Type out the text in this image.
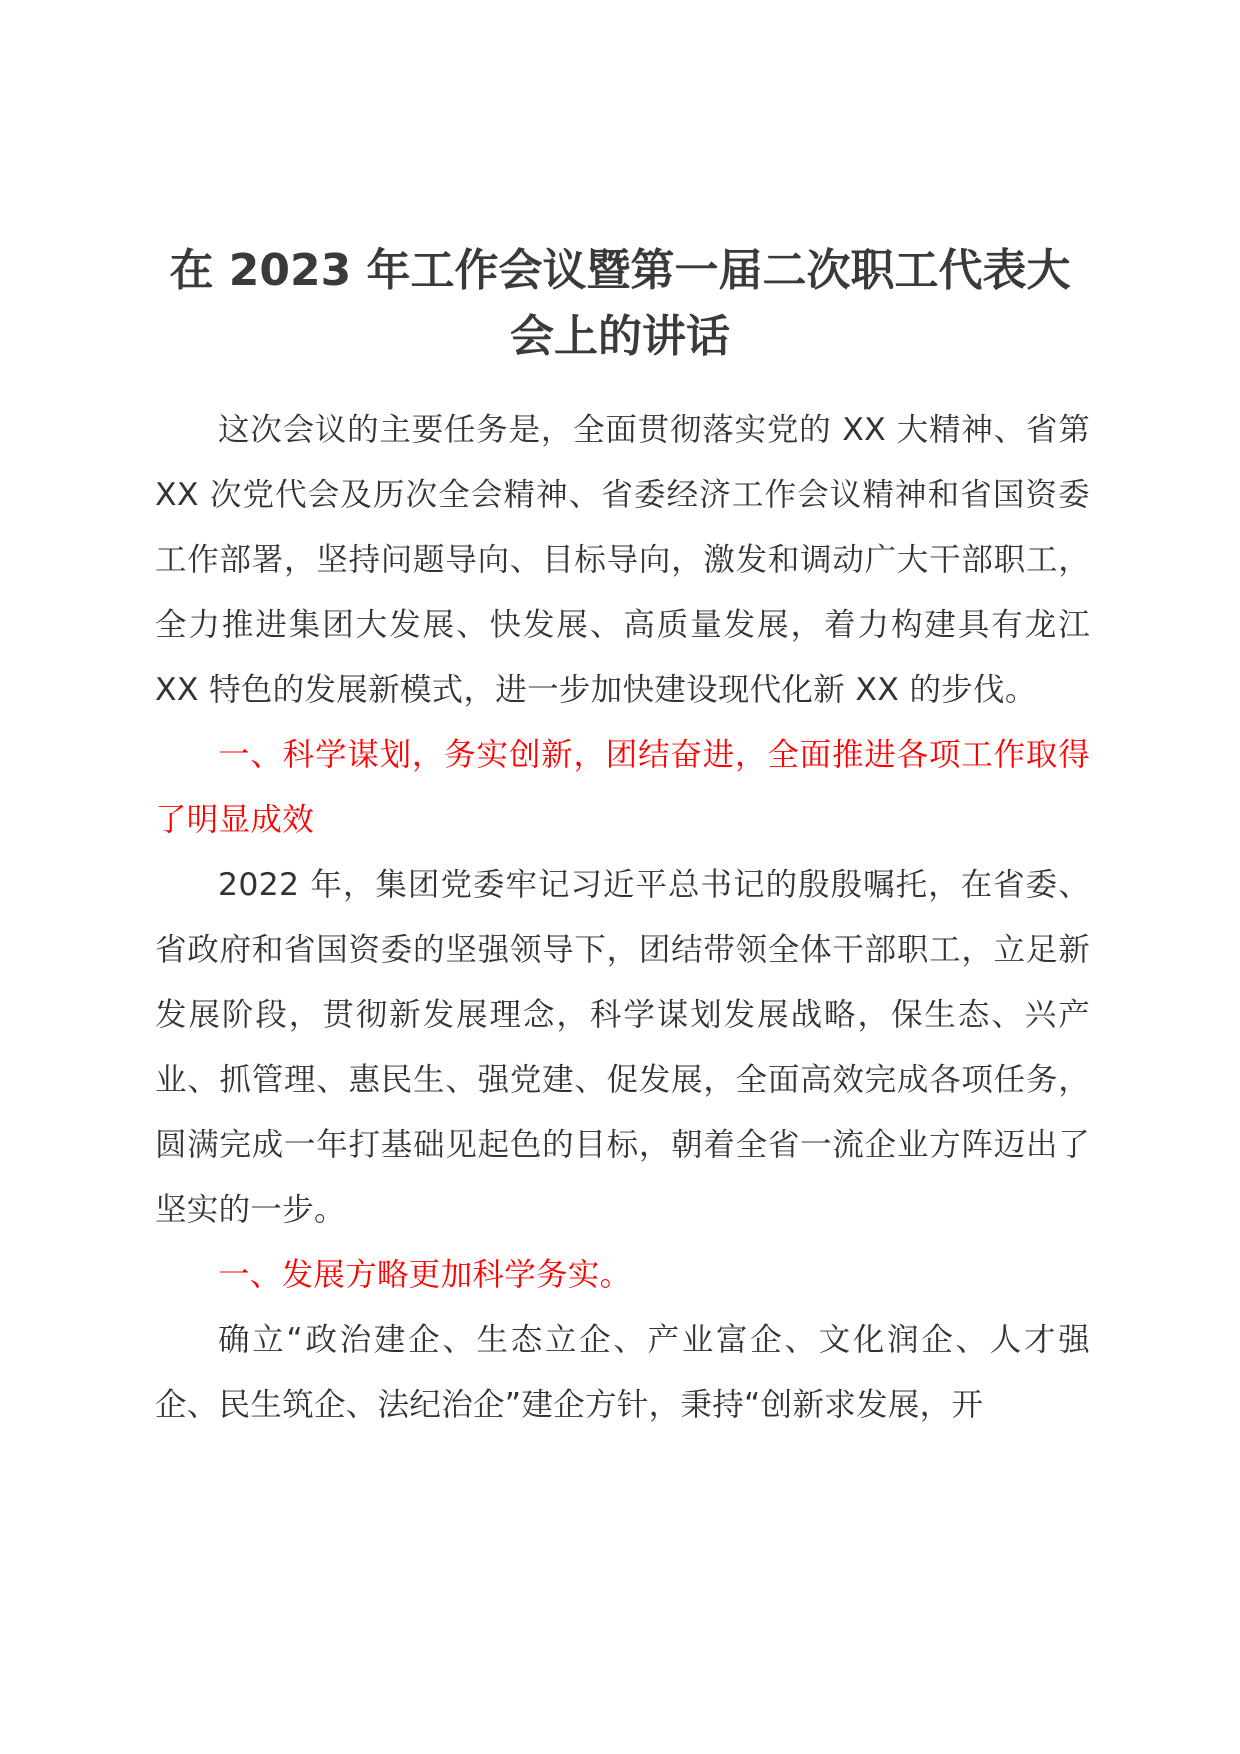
在 2023 年工作会议暨第一届二次职工代表大会上的讲话

这次会议的主要任务是，全面贯彻落实党的 XX 大精神、省第 XX 次党代会及历次全会精神、省委经济工作会议精神和省国资委工作部署，坚持问题导向、目标导向，激发和调动广大干部职工，全力推进集团大发展、快发展、高质量发展，着力构建具有龙江 XX 特色的发展新模式，进一步加快建设现代化新 XX 的步伐。

一、科学谋划，务实创新，团结奋进，全面推进各项工作取得了明显成效

2022 年，集团党委牢记习近平总书记的殷殷嘱托，在省委、省政府和省国资委的坚强领导下，团结带领全体干部职工，立足新发展阶段，贯彻新发展理念，科学谋划发展战略，保生态、兴产业、抓管理、惠民生、强党建、促发展，全面高效完成各项任务，圆满完成一年打基础见起色的目标，朝着全省一流企业方阵迈出了坚实的一步。

一、发展方略更加科学务实。

确立“政治建企、生态立企、产业富企、文化润企、人才强企、民生筑企、法纪治企”建企方针，秉持“创新求发展，开
